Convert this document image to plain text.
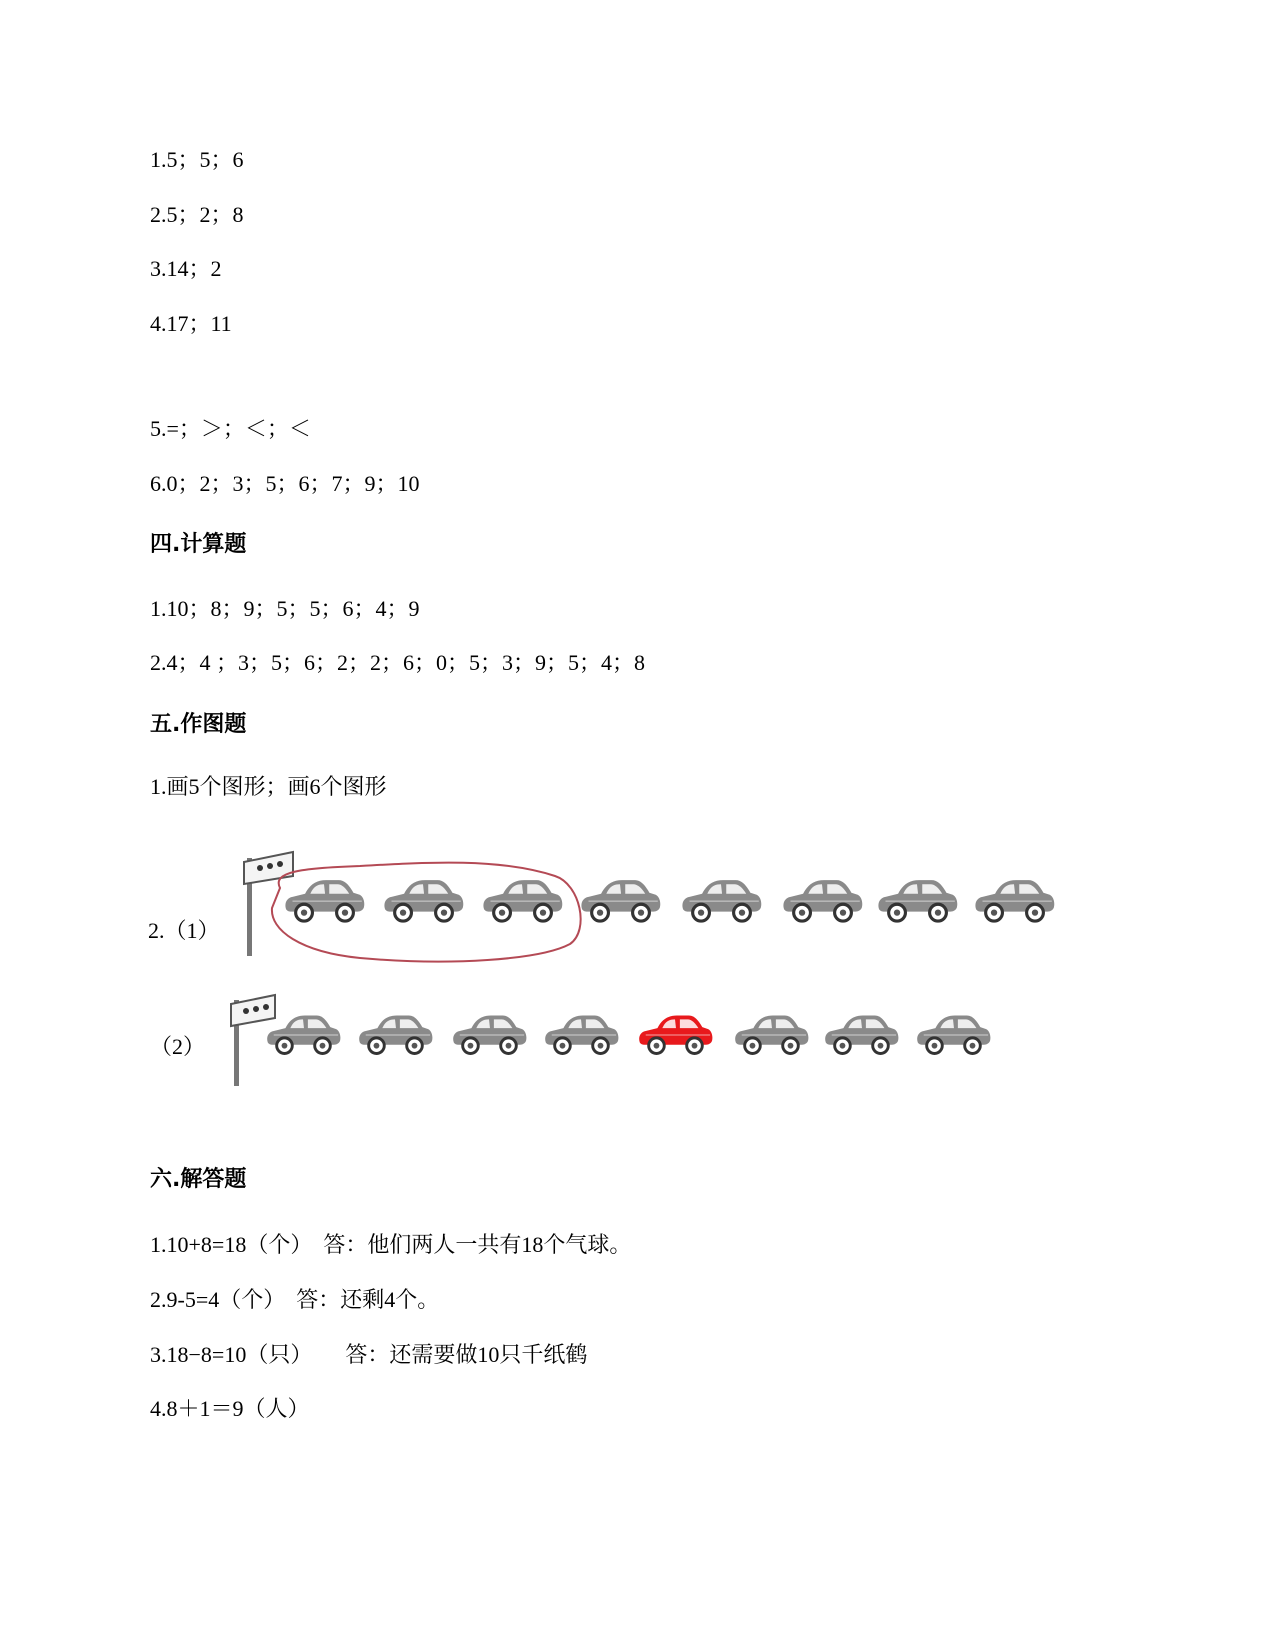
1.5；5；6
2.5；2；8
3.14；2
4.17；11
5.=；＞；＜；＜
6.0；2；3；5；6；7；9；10
四.计算题
1.10；8；9；5；5；6；4；9
2.4；4 ；3；5；6；2；2；6；0；5；3；9；5；4；8
五.作图题
1.画5个图形；画6个图形
2.（1）
（2）
六.解答题
1.10+8=18（个）  答：他们两人一共有18个气球。
2.9-5=4（个）  答：还剩4个。
3.18−8=10（只）      答：还需要做10只千纸鹤
4.8＋1＝9（人）
